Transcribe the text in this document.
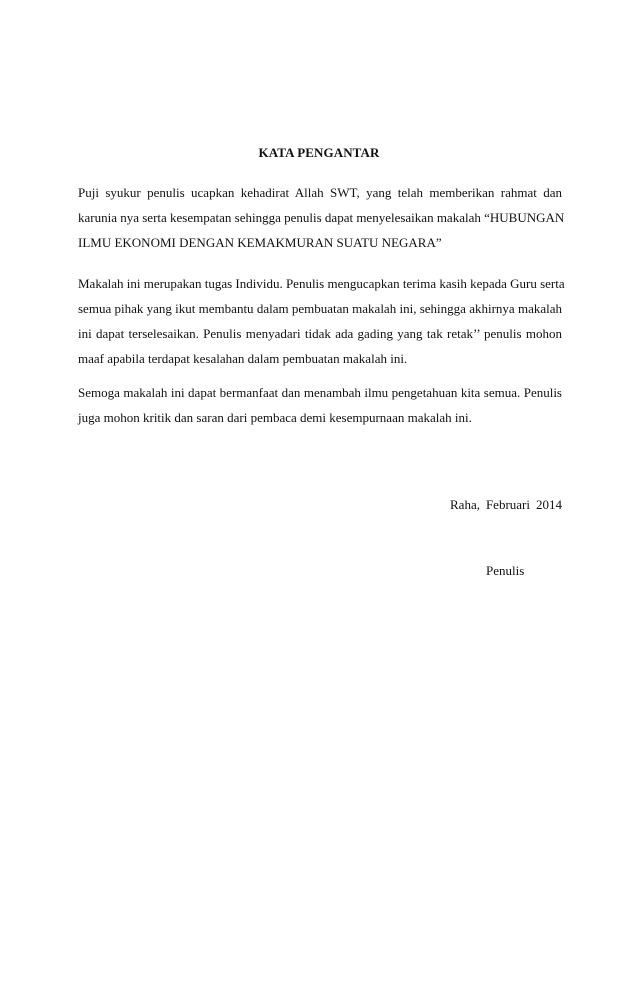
KATA PENGANTAR
Puji syukur penulis ucapkan kehadirat Allah SWT, yang telah memberikan rahmat dan
karunia nya serta kesempatan sehingga penulis dapat menyelesaikan makalah “HUBUNGAN
ILMU EKONOMI DENGAN KEMAKMURAN SUATU NEGARA”
Makalah ini merupakan tugas Individu. Penulis mengucapkan terima kasih kepada Guru serta
semua pihak yang ikut membantu dalam pembuatan makalah ini, sehingga akhirnya makalah
ini dapat terselesaikan. Penulis menyadari tidak ada gading yang tak retak’’ penulis mohon
maaf apabila terdapat kesalahan dalam pembuatan makalah ini.
Semoga makalah ini dapat bermanfaat dan menambah ilmu pengetahuan kita semua. Penulis
juga mohon kritik dan saran dari pembaca demi kesempurnaan makalah ini.
Raha, Februari 2014
Penulis
